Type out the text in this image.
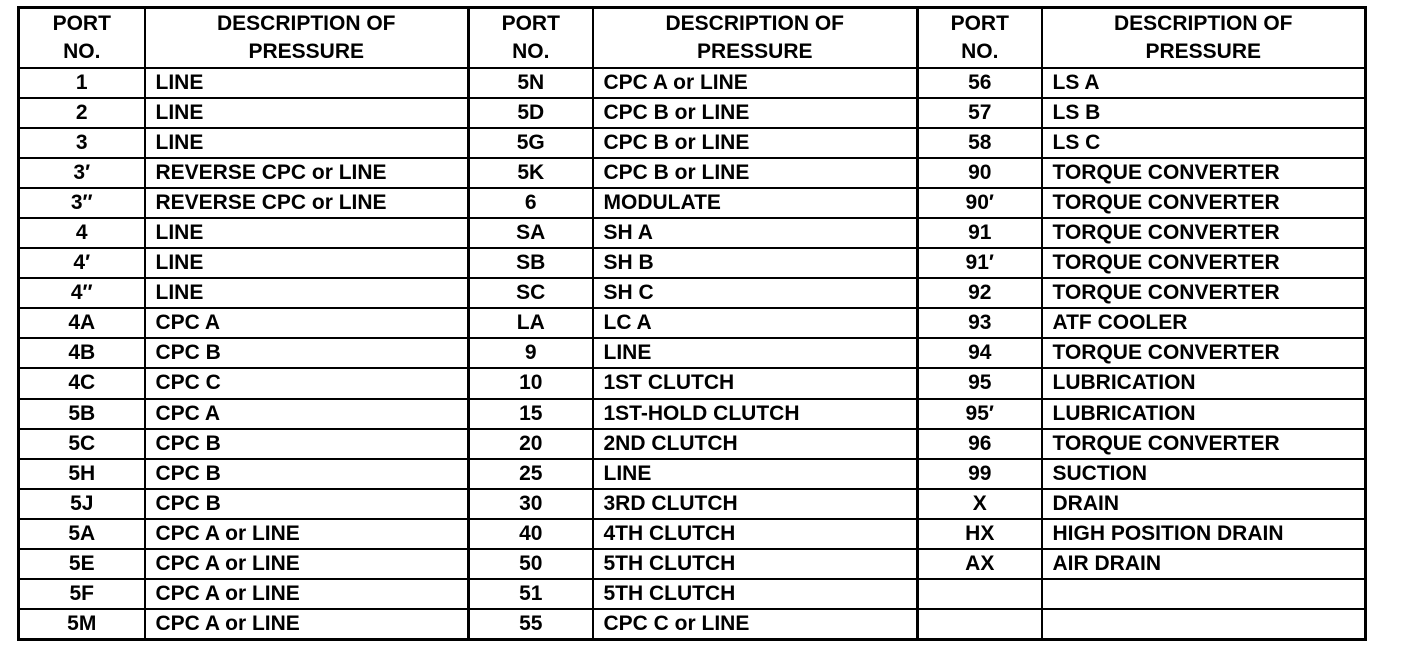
PORT
NO.	DESCRIPTION OF
PRESSURE	PORT
NO.	DESCRIPTION OF
PRESSURE	PORT
NO.	DESCRIPTION OF
PRESSURE

1	LINE	5N	CPC A or LINE	56	LS A
2	LINE	5D	CPC B or LINE	57	LS B
3	LINE	5G	CPC B or LINE	58	LS C
3′	REVERSE CPC or LINE	5K	CPC B or LINE	90	TORQUE CONVERTER
3″	REVERSE CPC or LINE	6	MODULATE	90′	TORQUE CONVERTER
4	LINE	SA	SH A	91	TORQUE CONVERTER
4′	LINE	SB	SH B	91′	TORQUE CONVERTER
4″	LINE	SC	SH C	92	TORQUE CONVERTER
4A	CPC A	LA	LC A	93	ATF COOLER
4B	CPC B	9	LINE	94	TORQUE CONVERTER
4C	CPC C	10	1ST CLUTCH	95	LUBRICATION
5B	CPC A	15	1ST-HOLD CLUTCH	95′	LUBRICATION
5C	CPC B	20	2ND CLUTCH	96	TORQUE CONVERTER
5H	CPC B	25	LINE	99	SUCTION
5J	CPC B	30	3RD CLUTCH	X	DRAIN
5A	CPC A or LINE	40	4TH CLUTCH	HX	HIGH POSITION DRAIN
5E	CPC A or LINE	50	5TH CLUTCH	AX	AIR DRAIN
5F	CPC A or LINE	51	5TH CLUTCH		
5M	CPC A or LINE	55	CPC C or LINE		
